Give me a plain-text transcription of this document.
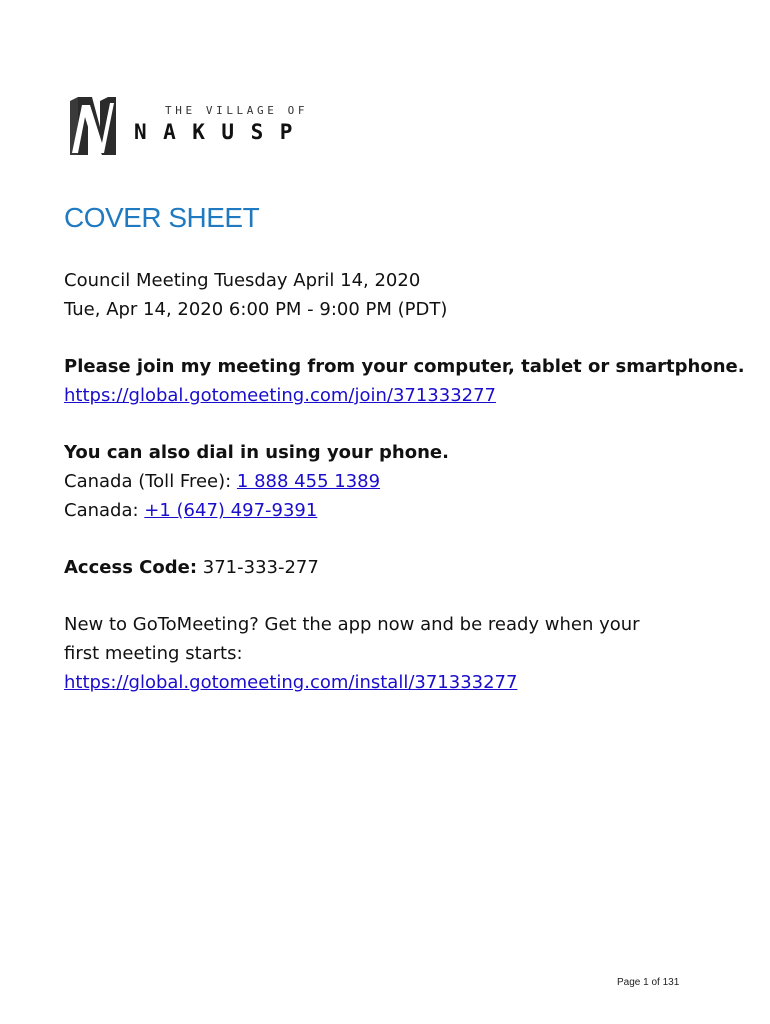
THE VILLAGE OF
NAKUSP
COVER SHEET

Council Meeting Tuesday April 14, 2020
Tue, Apr 14, 2020 6:00 PM - 9:00 PM (PDT)

Please join my meeting from your computer, tablet or smartphone.
https://global.gotomeeting.com/join/371333277

You can also dial in using your phone.
Canada (Toll Free): 1 888 455 1389
Canada: +1 (647) 497-9391

Access Code: 371-333-277

New to GoToMeeting? Get the app now and be ready when your
first meeting starts:
https://global.gotomeeting.com/install/371333277

Page 1 of 131
